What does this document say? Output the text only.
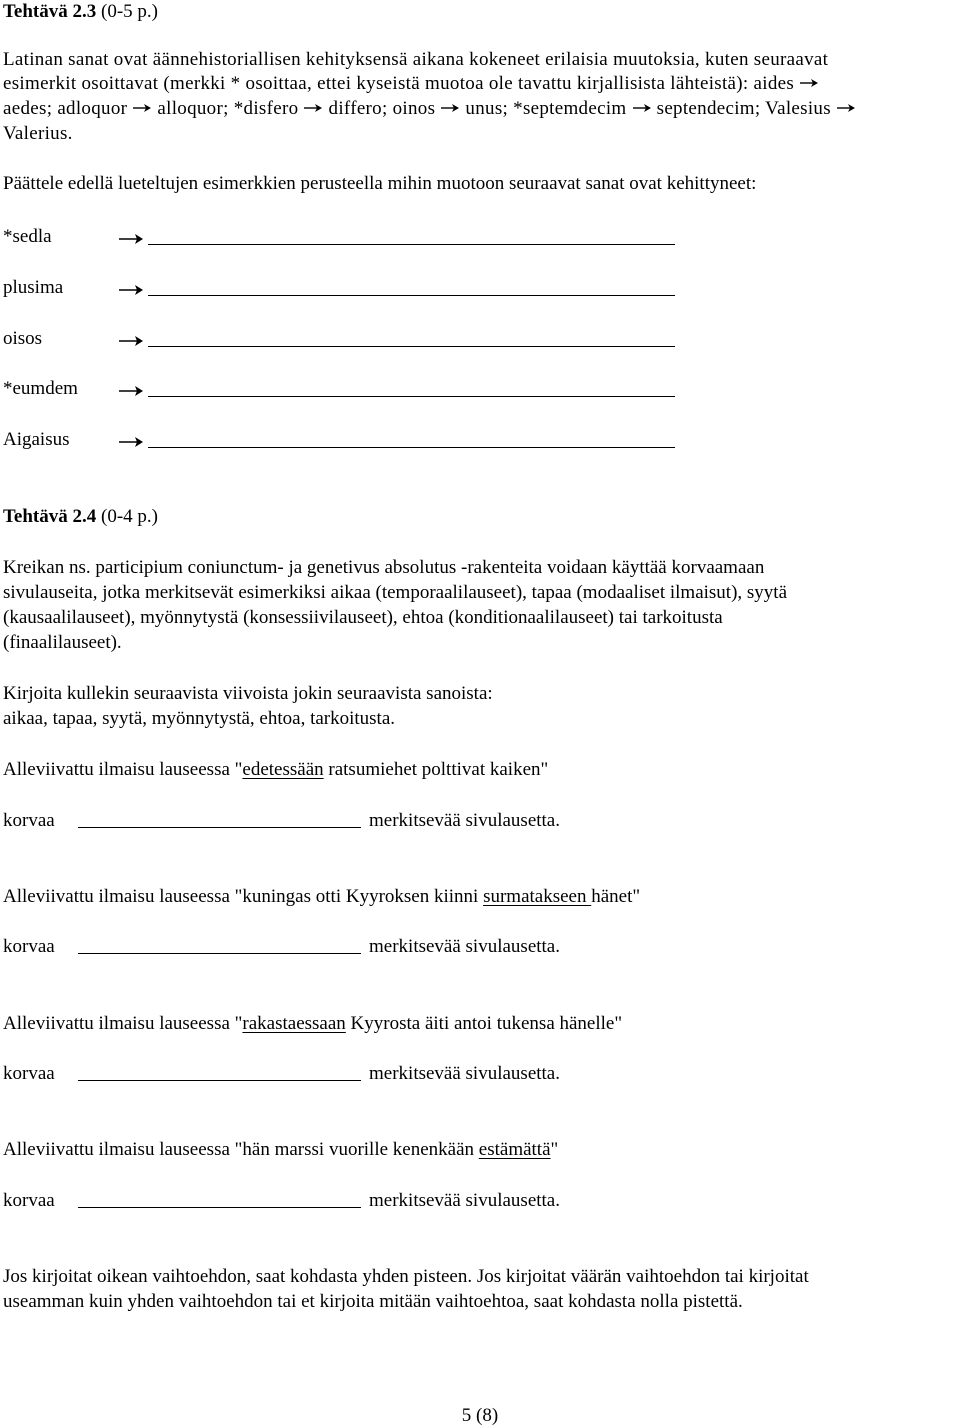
Tehtävä 2.3 (0-5 p.)
Latinan sanat ovat äännehistoriallisen kehityksensä aikana kokeneet erilaisia muutoksia, kuten seuraavat
esimerkit osoittavat (merkki * osoittaa, ettei kyseistä muotoa ole tavattu kirjallisista lähteistä): aides
aedes; adloquor alloquor; *disfero differo; oinos unus; *septemdecim septendecim; Valesius
Valerius.
Päättele edellä lueteltujen esimerkkien perusteella mihin muotoon seuraavat sanat ovat kehittyneet:
*sedla
plusima
oisos
*eumdem
Aigaisus
Tehtävä 2.4 (0-4 p.)
Kreikan ns. participium coniunctum- ja genetivus absolutus -rakenteita voidaan käyttää korvaamaan
sivulauseita, jotka merkitsevät esimerkiksi aikaa (temporaalilauseet), tapaa (modaaliset ilmaisut), syytä
(kausaalilauseet), myönnytystä (konsessiivilauseet), ehtoa (konditionaalilauseet) tai tarkoitusta
(finaalilauseet).
Kirjoita kullekin seuraavista viivoista jokin seuraavista sanoista:
aikaa, tapaa, syytä, myönnytystä, ehtoa, tarkoitusta.
Alleviivattu ilmaisu lauseessa "edetessään ratsumiehet polttivat kaiken"
korvaa	merkitsevää sivulausetta.
Alleviivattu ilmaisu lauseessa "kuningas otti Kyyroksen kiinni surmatakseen hänet"
korvaa	merkitsevää sivulausetta.
Alleviivattu ilmaisu lauseessa "rakastaessaan Kyyrosta äiti antoi tukensa hänelle"
korvaa	merkitsevää sivulausetta.
Alleviivattu ilmaisu lauseessa "hän marssi vuorille kenenkään estämättä"
korvaa	merkitsevää sivulausetta.
Jos kirjoitat oikean vaihtoehdon, saat kohdasta yhden pisteen. Jos kirjoitat väärän vaihtoehdon tai kirjoitat
useamman kuin yhden vaihtoehdon tai et kirjoita mitään vaihtoehtoa, saat kohdasta nolla pistettä.
5 (8)
